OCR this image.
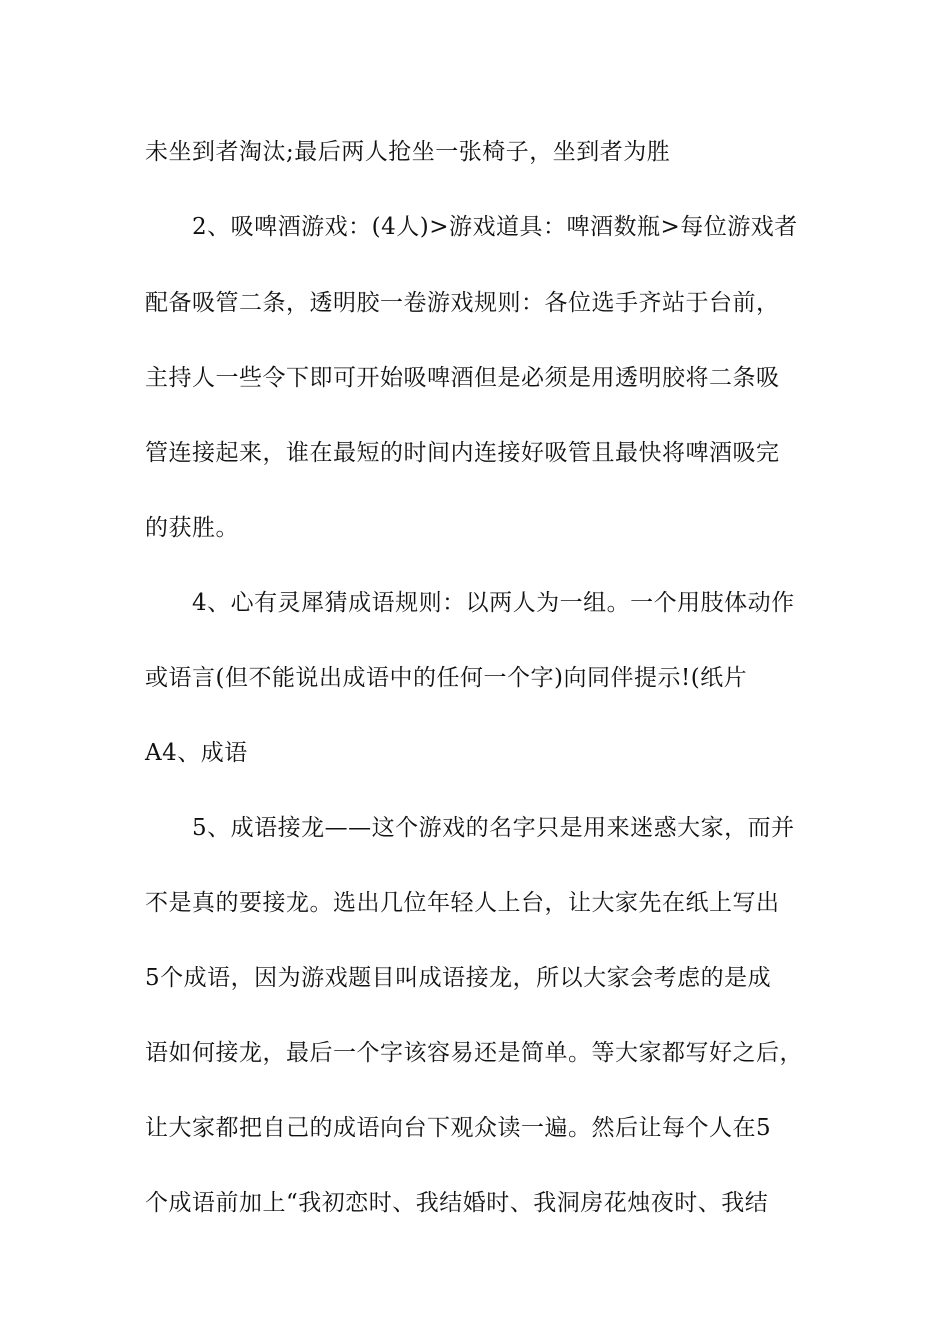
未坐到者淘汰;最后两人抢坐一张椅子，坐到者为胜
2、吸啤酒游戏：(4人)>游戏道具：啤酒数瓶>每位游戏者
配备吸管二条，透明胶一卷游戏规则：各位选手齐站于台前，
主持人一些令下即可开始吸啤酒但是必须是用透明胶将二条吸
管连接起来，谁在最短的时间内连接好吸管且最快将啤酒吸完
的获胜。
4、心有灵犀猜成语规则：以两人为一组。一个用肢体动作
或语言(但不能说出成语中的任何一个字)向同伴提示!(纸片
A4、成语
5、成语接龙——这个游戏的名字只是用来迷惑大家，而并
不是真的要接龙。选出几位年轻人上台，让大家先在纸上写出
5个成语，因为游戏题目叫成语接龙，所以大家会考虑的是成
语如何接龙，最后一个字该容易还是简单。等大家都写好之后，
让大家都把自己的成语向台下观众读一遍。然后让每个人在5
个成语前加上“我初恋时、我结婚时、我洞房花烛夜时、我结
